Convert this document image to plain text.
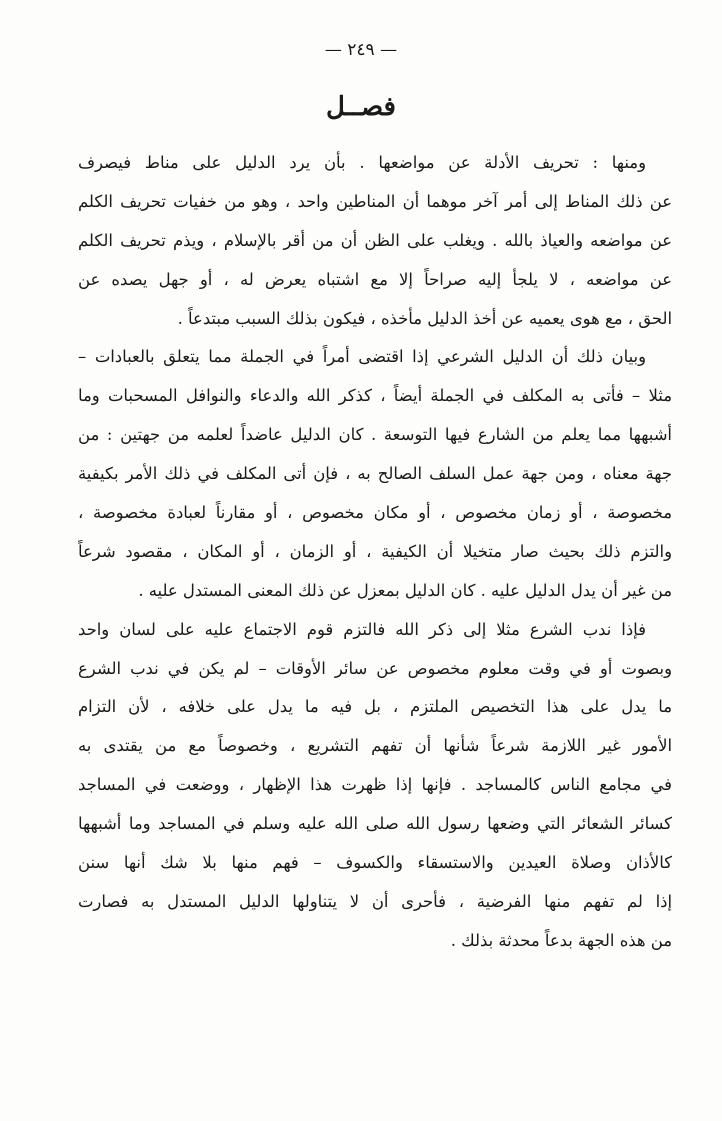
— ٢٤٩ —
فصــل
ومنها : تحريف الأدلة عن مواضعها . بأن يرد الدليل على مناط فيصرف
عن ذلك المناط إلى أمر آخر موهما أن المناطين واحد ، وهو من خفيات تحريف الكلم
عن مواضعه والعياذ بالله . ويغلب على الظن أن من أقر بالإسلام ، ويذم تحريف الكلم
عن مواضعه ، لا يلجأ إليه صراحاً إلا مع اشتباه يعرض له ، أو جهل يصده عن
الحق ، مع هوى يعميه عن أخذ الدليل مأخذه ، فيكون بذلك السبب مبتدعاً .
وبيان ذلك أن الدليل الشرعي إذا اقتضى أمراً في الجملة مما يتعلق بالعبادات –
مثلا – فأتى به المكلف في الجملة أيضاً ، كذكر الله والدعاء والنوافل المسحبات وما
أشبهها مما يعلم من الشارع فيها التوسعة . كان الدليل عاضداً لعلمه من جهتين : من
جهة معناه ، ومن جهة عمل السلف الصالح به ، فإن أتى المكلف في ذلك الأمر بكيفية
مخصوصة ، أو زمان مخصوص ، أو مكان مخصوص ، أو مقارناً لعبادة مخصوصة ،
والتزم ذلك بحيث صار متخيلا أن الكيفية ، أو الزمان ، أو المكان ، مقصود شرعاً
من غير أن يدل الدليل عليه . كان الدليل بمعزل عن ذلك المعنى المستدل عليه .
فإذا ندب الشرع مثلا إلى ذكر الله فالتزم قوم الاجتماع عليه على لسان واحد
وبصوت أو في وقت معلوم مخصوص عن سائر الأوقات – لم يكن في ندب الشرع
ما يدل على هذا التخصيص الملتزم ، بل فيه ما يدل على خلافه ، لأن التزام
الأمور غير اللازمة شرعاً شأنها أن تفهم التشريع ، وخصوصاً مع من يقتدى به
في مجامع الناس كالمساجد . فإنها إذا ظهرت هذا الإظهار ، ووضعت في المساجد
كسائر الشعائر التي وضعها رسول الله صلى الله عليه وسلم في المساجد وما أشبهها
كالأذان وصلاة العيدين والاستسقاء والكسوف – فهم منها بلا شك أنها سنن
إذا لم تفهم منها الفرضية ، فأحرى أن لا يتناولها الدليل المستدل به فصارت
من هذه الجهة بدعاً محدثة بذلك .
